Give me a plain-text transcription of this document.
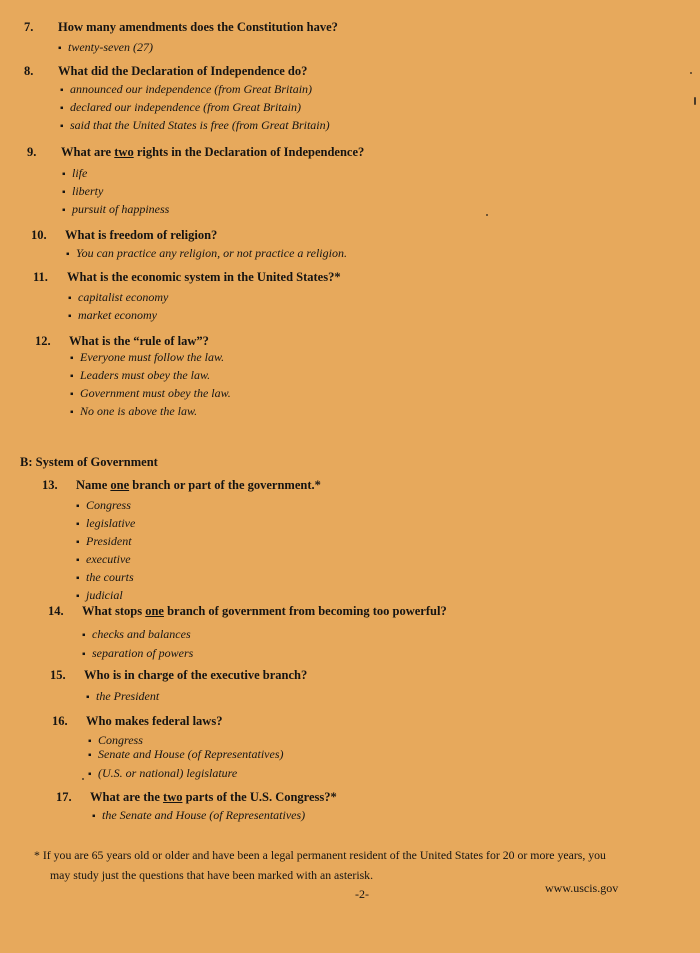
7. How many amendments does the Constitution have?
▪ twenty-seven (27)
8. What did the Declaration of Independence do?
▪ announced our independence (from Great Britain)
▪ declared our independence (from Great Britain)
▪ said that the United States is free (from Great Britain)
9. What are two rights in the Declaration of Independence?
▪ life
▪ liberty
▪ pursuit of happiness
10. What is freedom of religion?
▪ You can practice any religion, or not practice a religion.
11. What is the economic system in the United States?*
▪ capitalist economy
▪ market economy
12. What is the “rule of law”?
▪ Everyone must follow the law.
▪ Leaders must obey the law.
▪ Government must obey the law.
▪ No one is above the law.
B: System of Government
13. Name one branch or part of the government.*
▪ Congress
▪ legislative
▪ President
▪ executive
▪ the courts
▪ judicial
14. What stops one branch of government from becoming too powerful?
▪ checks and balances
▪ separation of powers
15. Who is in charge of the executive branch?
▪ the President
16. Who makes federal laws?
▪ Congress
▪ Senate and House (of Representatives)
▪ (U.S. or national) legislature
17. What are the two parts of the U.S. Congress?*
▪ the Senate and House (of Representatives)
* If you are 65 years old or older and have been a legal permanent resident of the United States for 20 or more years, you
may study just the questions that have been marked with an asterisk.
-2-	www.uscis.gov
